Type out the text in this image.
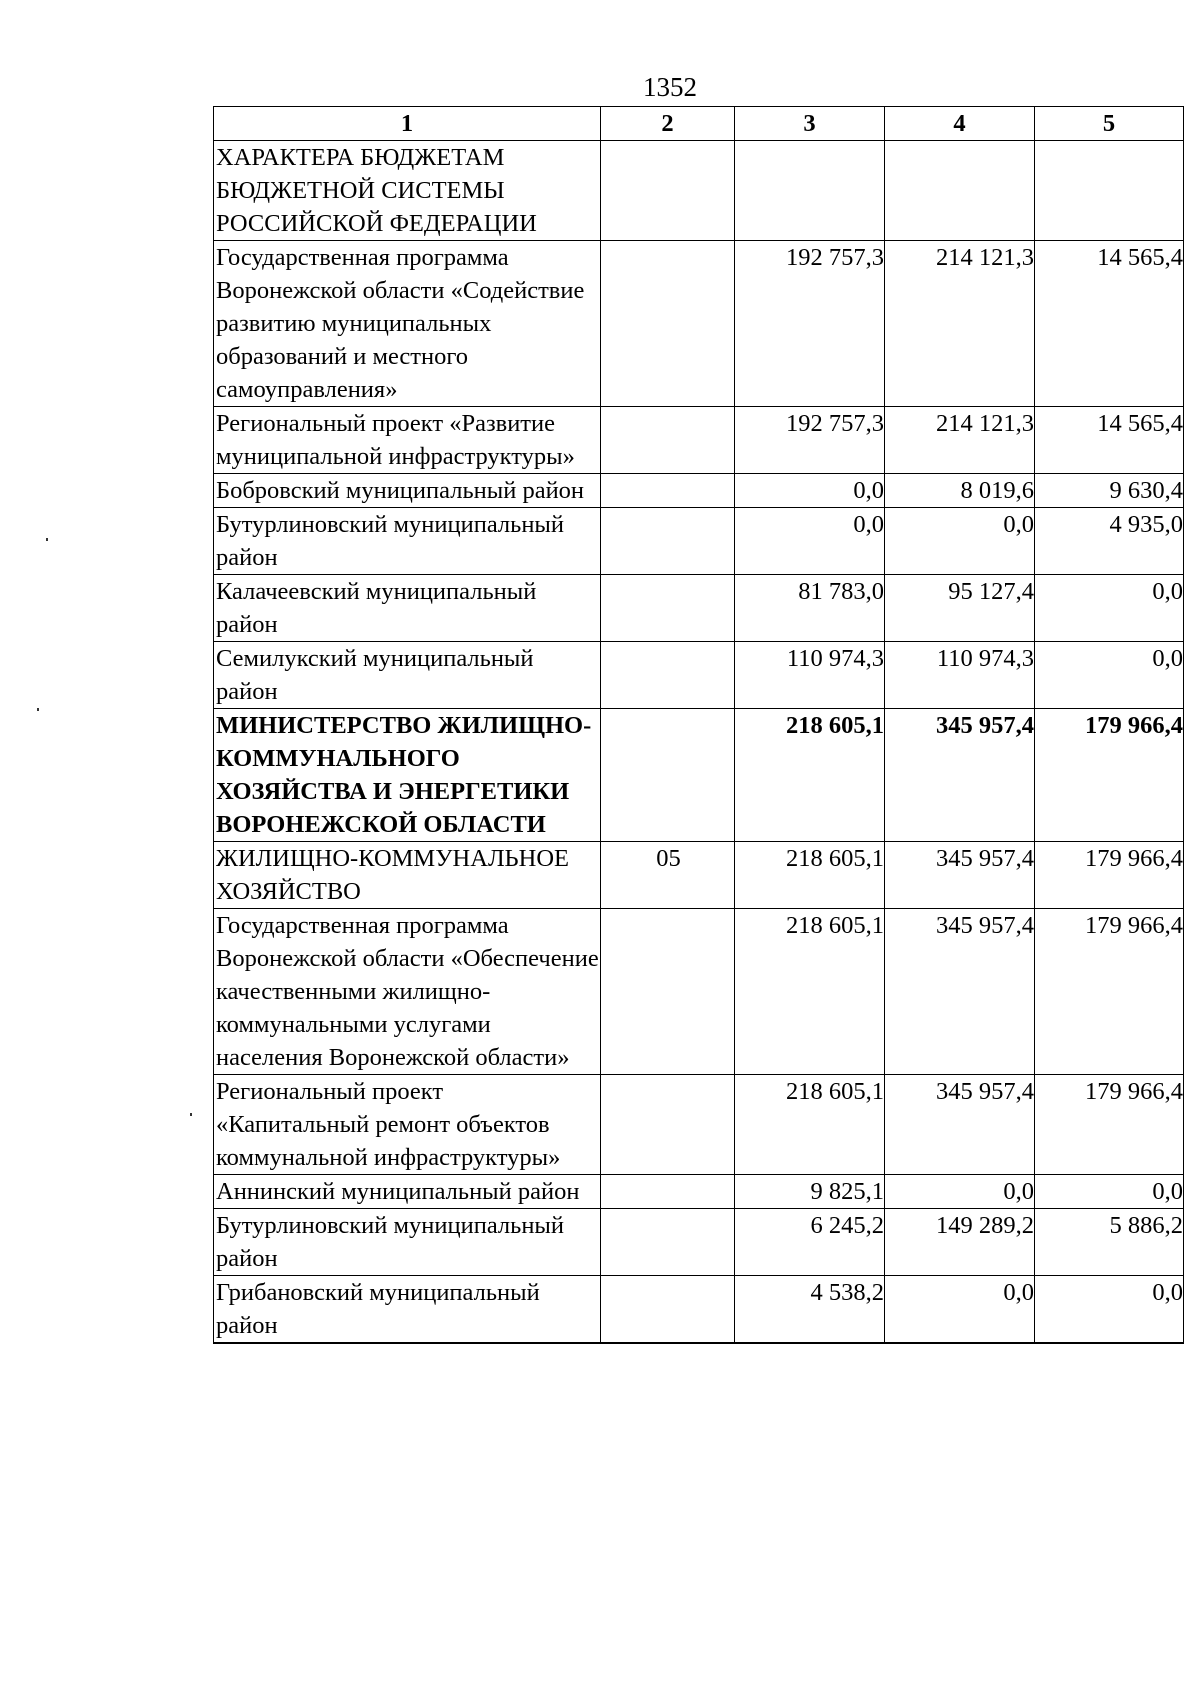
1352
1	2	3	4	5
ХАРАКТЕРА БЮДЖЕТАМ БЮДЖЕТНОЙ СИСТЕМЫ РОССИЙСКОЙ ФЕДЕРАЦИИ				
Государственная программа Воронежской области «Содействие развитию муниципальных образований и местного самоуправления»		192 757,3	214 121,3	14 565,4
Региональный проект «Развитие муниципальной инфраструктуры»		192 757,3	214 121,3	14 565,4
Бобровский муниципальный район		0,0	8 019,6	9 630,4
Бутурлиновский муниципальный район		0,0	0,0	4 935,0
Калачеевский муниципальный район		81 783,0	95 127,4	0,0
Семилукский муниципальный район		110 974,3	110 974,3	0,0
МИНИСТЕРСТВО ЖИЛИЩНО-КОММУНАЛЬНОГО ХОЗЯЙСТВА И ЭНЕРГЕТИКИ ВОРОНЕЖСКОЙ ОБЛАСТИ		218 605,1	345 957,4	179 966,4
ЖИЛИЩНО-КОММУНАЛЬНОЕ ХОЗЯЙСТВО	05	218 605,1	345 957,4	179 966,4
Государственная программа Воронежской области «Обеспечение качественными жилищно-коммунальными услугами населения Воронежской области»		218 605,1	345 957,4	179 966,4
Региональный проект «Капитальный ремонт объектов коммунальной инфраструктуры»		218 605,1	345 957,4	179 966,4
Аннинский муниципальный район		9 825,1	0,0	0,0
Бутурлиновский муниципальный район		6 245,2	149 289,2	5 886,2
Грибановский муниципальный район		4 538,2	0,0	0,0
